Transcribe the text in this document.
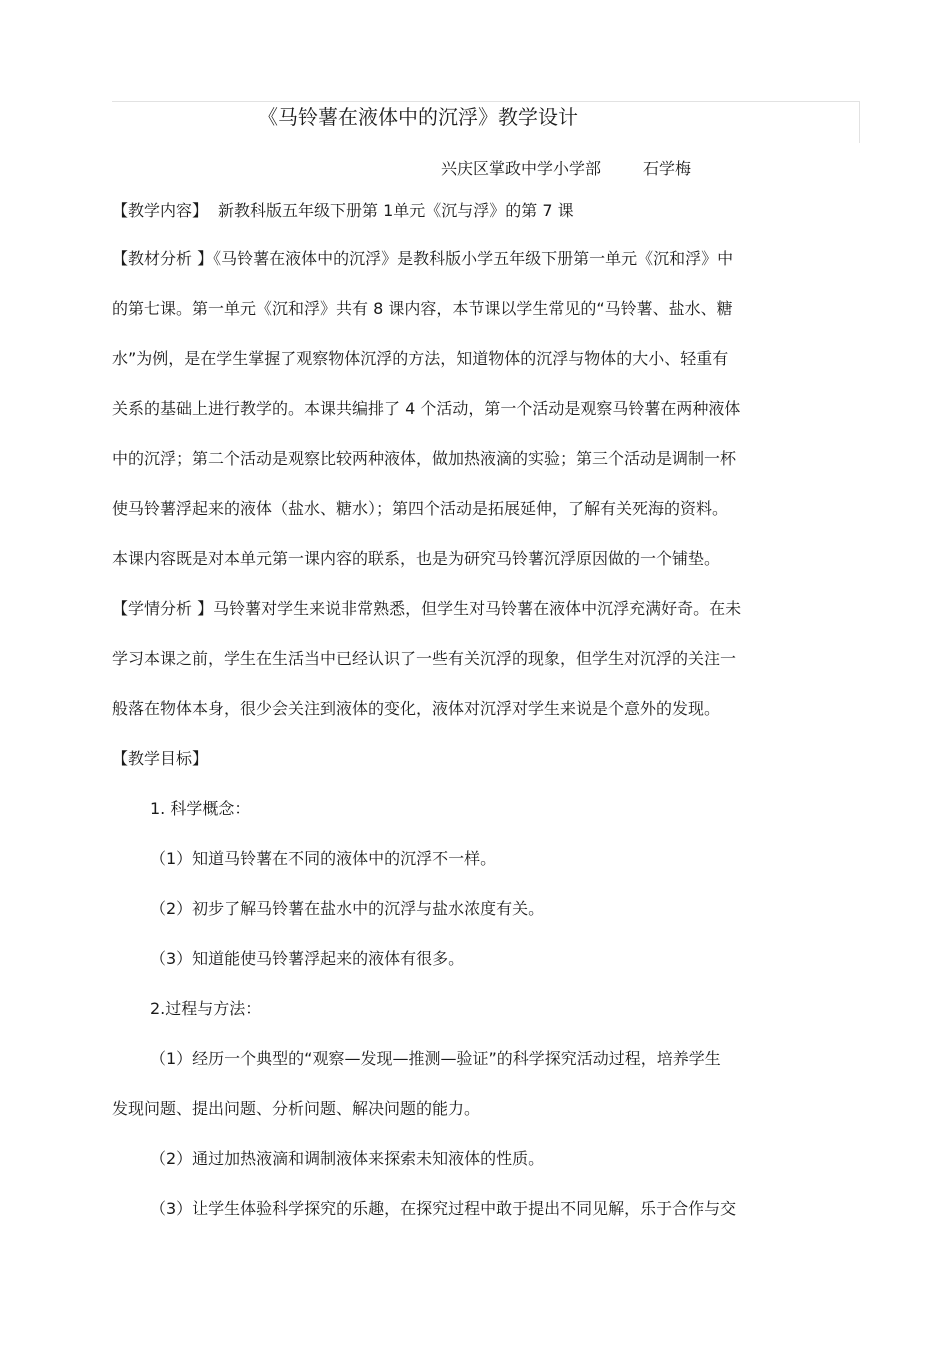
《马铃薯在液体中的沉浮》教学设计
兴庆区掌政中学小学部	石学梅
【教学内容】 新教科版五年级下册第 1单元《沉与浮》的第 7 课
【教材分析 】《马铃薯在液体中的沉浮》是教科版小学五年级下册第一单元《沉和浮》中
的第七课。第一单元《沉和浮》共有 8 课内容，本节课以学生常见的“马铃薯、盐水、糖
水”为例，是在学生掌握了观察物体沉浮的方法，知道物体的沉浮与物体的大小、轻重有
关系的基础上进行教学的。本课共编排了 4 个活动，第一个活动是观察马铃薯在两种液体
中的沉浮；第二个活动是观察比较两种液体，做加热液滴的实验；第三个活动是调制一杯
使马铃薯浮起来的液体（盐水、糖水）；第四个活动是拓展延伸，了解有关死海的资料。
本课内容既是对本单元第一课内容的联系，也是为研究马铃薯沉浮原因做的一个铺垫。
【学情分析 】马铃薯对学生来说非常熟悉，但学生对马铃薯在液体中沉浮充满好奇。在未
学习本课之前，学生在生活当中已经认识了一些有关沉浮的现象，但学生对沉浮的关注一
般落在物体本身，很少会关注到液体的变化，液体对沉浮对学生来说是个意外的发现。
【教学目标】
1. 科学概念：
（1）知道马铃薯在不同的液体中的沉浮不一样。
（2）初步了解马铃薯在盐水中的沉浮与盐水浓度有关。
（3）知道能使马铃薯浮起来的液体有很多。
2.过程与方法：
（1）经历一个典型的“观察—发现—推测—验证”的科学探究活动过程，培养学生
发现问题、提出问题、分析问题、解决问题的能力。
（2）通过加热液滴和调制液体来探索未知液体的性质。
（3）让学生体验科学探究的乐趣，在探究过程中敢于提出不同见解，乐于合作与交
